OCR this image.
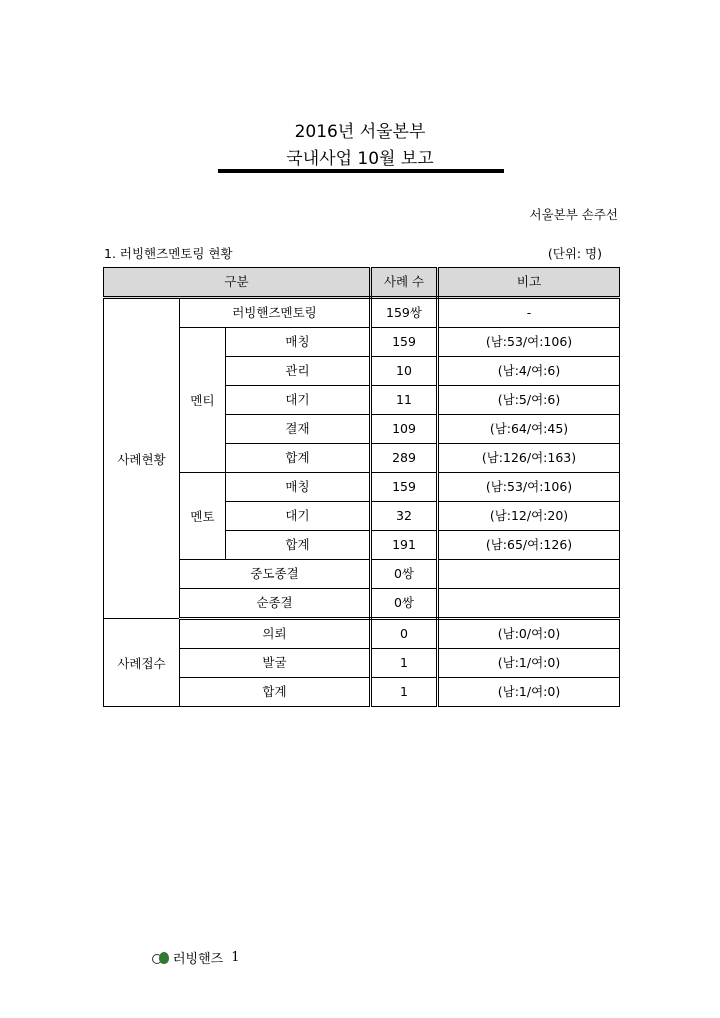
2016년 서울본부
국내사업 10월 보고
서울본부 손주선
1. 러빙핸즈멘토링 현황	(단위: 명)
구분			사례 수	비고
사례현황	러빙핸즈멘토링		159쌍	-
	멘티	매칭	159	(남:53/여:106)
		관리	10	(남:4/여:6)
		대기	11	(남:5/여:6)
		결재	109	(남:64/여:45)
		합계	289	(남:126/여:163)
	멘토	매칭	159	(남:53/여:106)
		대기	32	(남:12/여:20)
		합계	191	(남:65/여:126)
	중도종결		0쌍	
	순종결		0쌍	
사례접수	의뢰		0	(남:0/여:0)
	발굴		1	(남:1/여:0)
	합계		1	(남:1/여:0)
러빙핸즈 1
